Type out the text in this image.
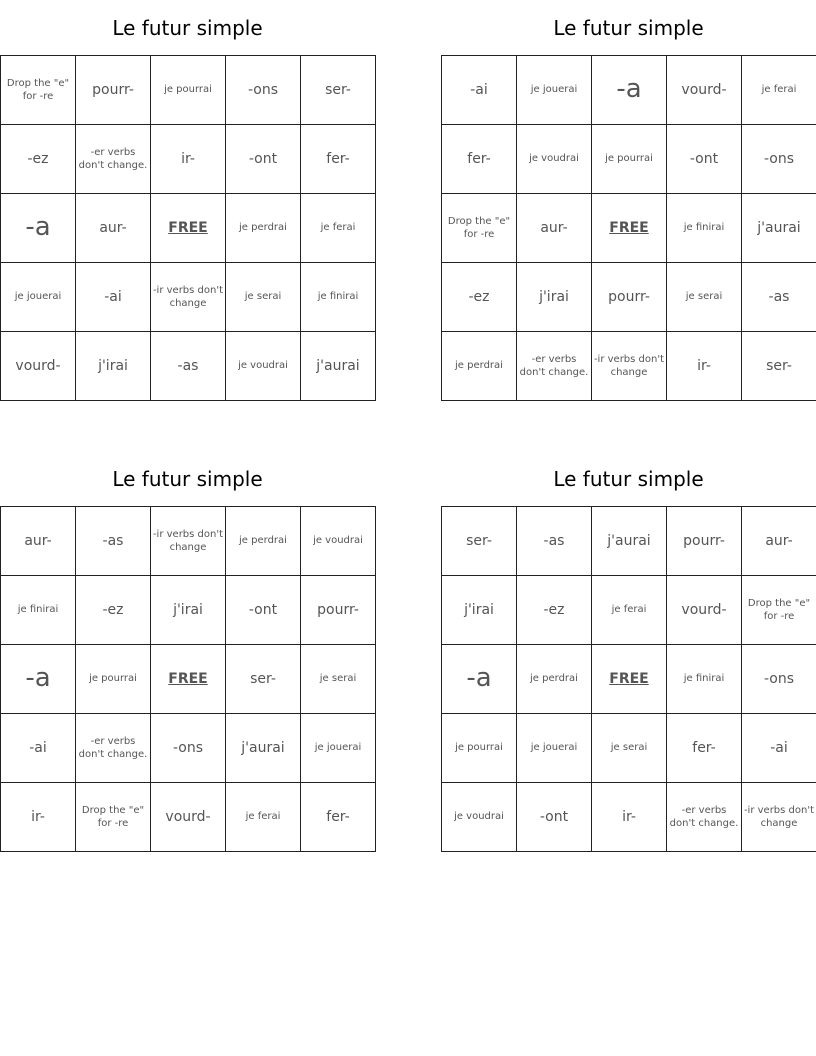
Le futur simple
Drop the "e" for -re	pourr-	je pourrai	-ons	ser-
-ez	-er verbs don't change.	ir-	-ont	fer-
-a	aur-	FREE	je perdrai	je ferai
je jouerai	-ai	-ir verbs don't change	je serai	je finirai
vourd-	j'irai	-as	je voudrai	j'aurai
Le futur simple
-ai	je jouerai	-a	vourd-	je ferai
fer-	je voudrai	je pourrai	-ont	-ons
Drop the "e" for -re	aur-	FREE	je finirai	j'aurai
-ez	j'irai	pourr-	je serai	-as
je perdrai	-er verbs don't change.	-ir verbs don't change	ir-	ser-
Le futur simple
aur-	-as	-ir verbs don't change	je perdrai	je voudrai
je finirai	-ez	j'irai	-ont	pourr-
-a	je pourrai	FREE	ser-	je serai
-ai	-er verbs don't change.	-ons	j'aurai	je jouerai
ir-	Drop the "e" for -re	vourd-	je ferai	fer-
Le futur simple
ser-	-as	j'aurai	pourr-	aur-
j'irai	-ez	je ferai	vourd-	Drop the "e" for -re
-a	je perdrai	FREE	je finirai	-ons
je pourrai	je jouerai	je serai	fer-	-ai
je voudrai	-ont	ir-	-er verbs don't change.	-ir verbs don't change
